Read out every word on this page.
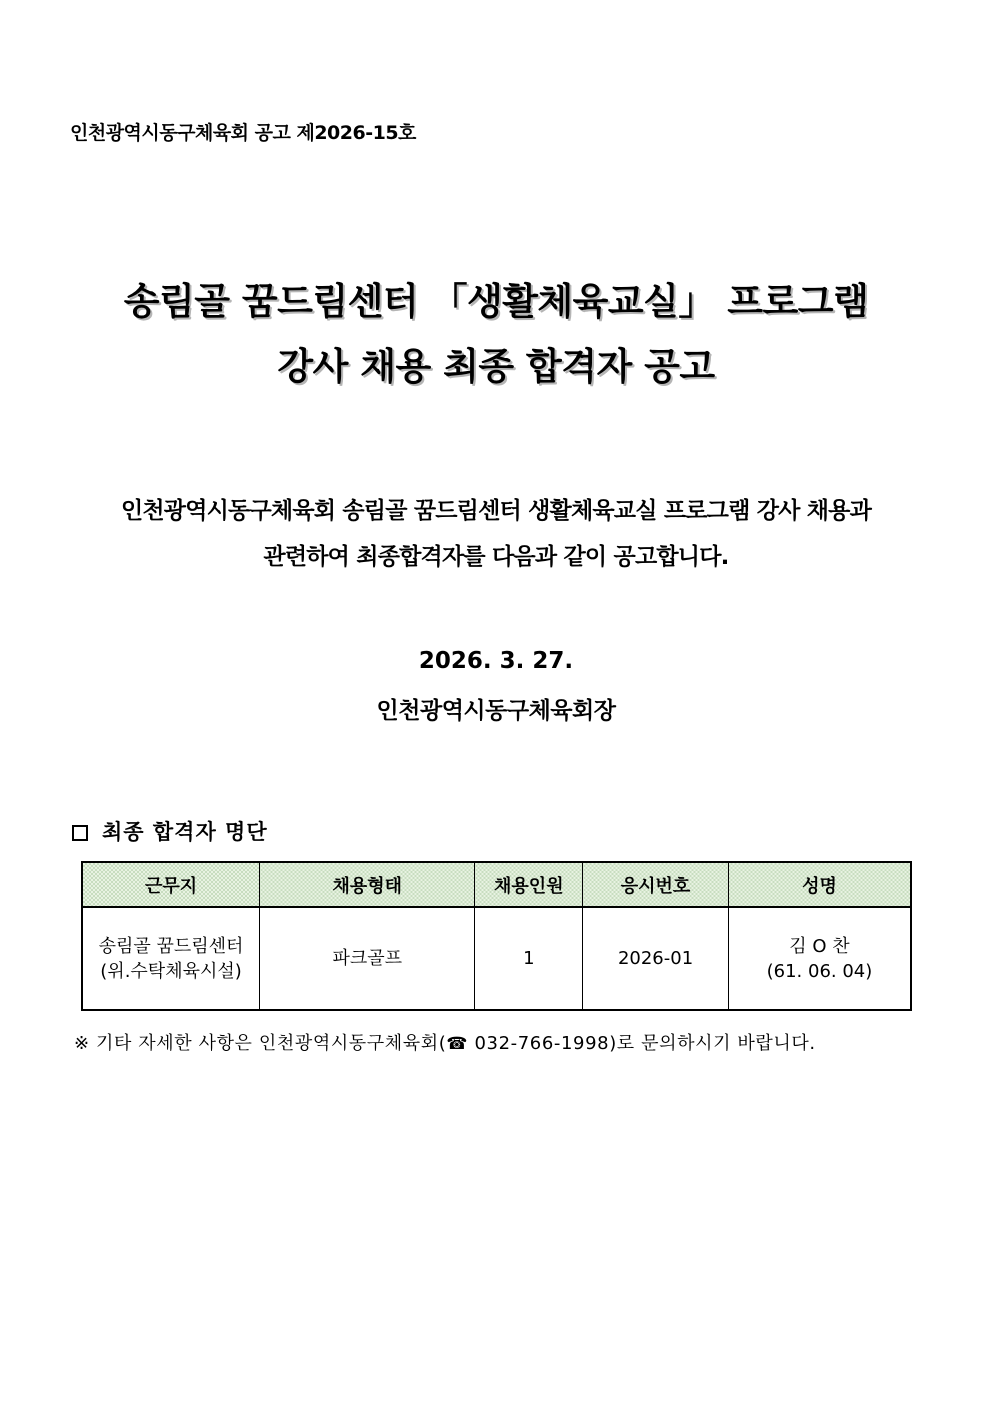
인천광역시동구체육회 공고 제2026-15호
송림골 꿈드림센터 「생활체육교실」 프로그램
강사 채용 최종 합격자 공고
인천광역시동구체육회 송림골 꿈드림센터 생활체육교실 프로그램 강사 채용과
관련하여 최종합격자를 다음과 같이 공고합니다.
2026. 3. 27.
인천광역시동구체육회장
최종 합격자 명단
근무지	채용형태	채용인원	응시번호	성명

송림골 꿈드림센터
(위.수탁체육시설)	파크골프	1	2026-01	김 O 찬
(61. 06. 04)
※ 기타 자세한 사항은 인천광역시동구체육회(☎ 032-766-1998)로 문의하시기 바랍니다.
